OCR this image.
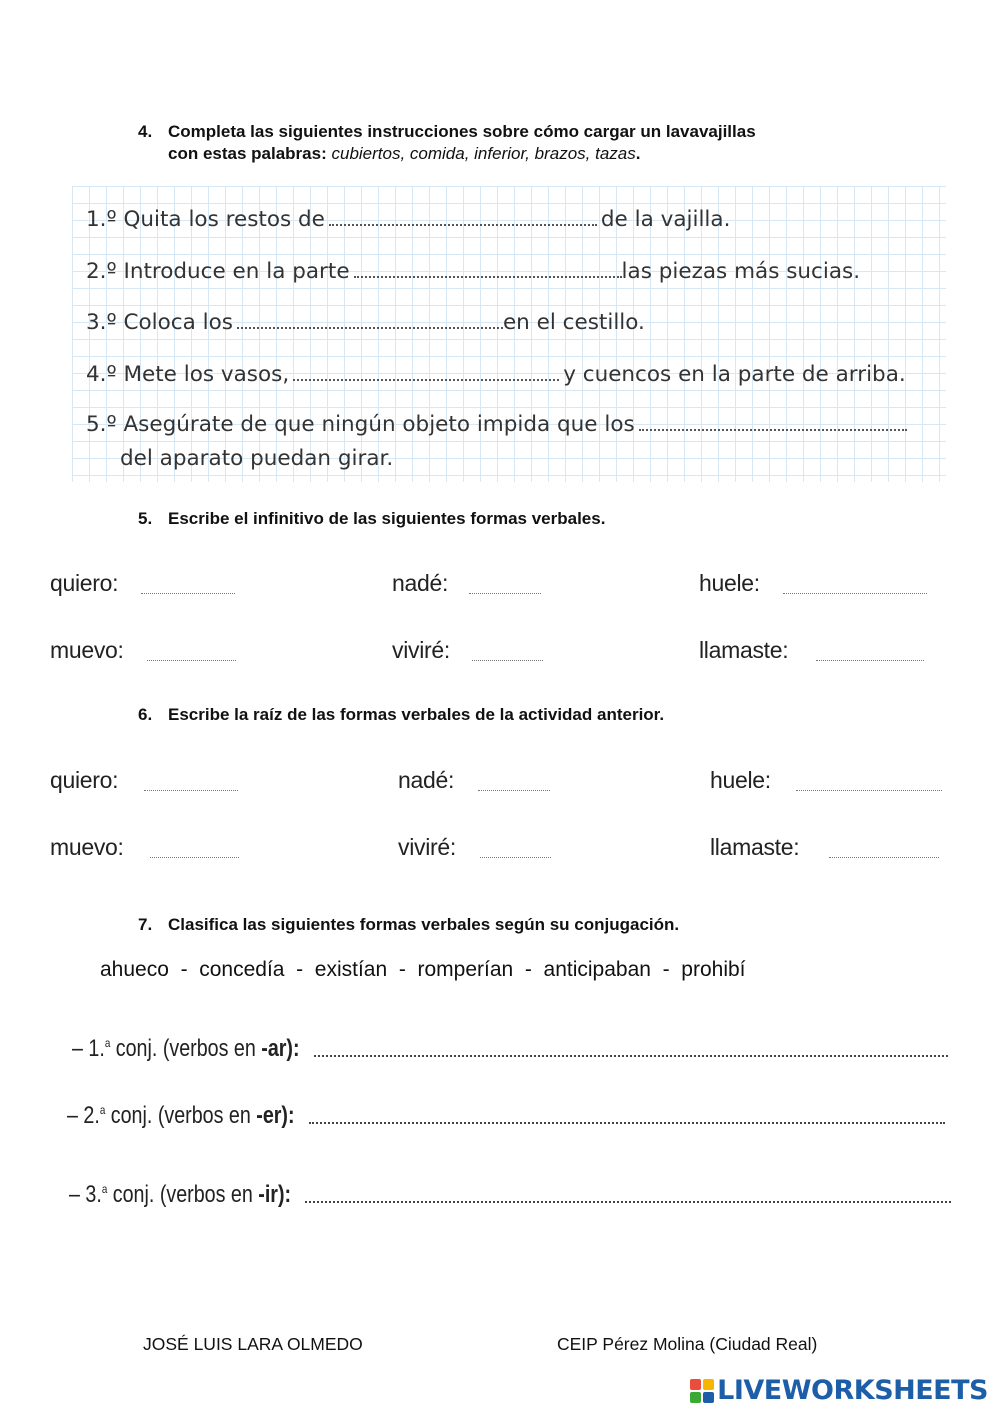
4. Completa las siguientes instrucciones sobre cómo cargar un lavavajillas
con estas palabras: cubiertos, comida, inferior, brazos, tazas.
1.º Quita los restos de	de la vajilla.
2.º Introduce en la parte	las piezas más sucias.
3.º Coloca los	en el cestillo.
4.º Mete los vasos,	y cuencos en la parte de arriba.
5.º Asegúrate de que ningún objeto impida que los
del aparato puedan girar.
5. Escribe el infinitivo de las siguientes formas verbales.
quiero:	nadé:	huele:
muevo:	viviré:	llamaste:
6. Escribe la raíz de las formas verbales de la actividad anterior.
quiero:	nadé:	huele:
muevo:	viviré:	llamaste:
7. Clasifica las siguientes formas verbales según su conjugación.
ahueco  -  concedía  -  existían  -  romperían  -  anticipaban  -  prohibí
– 1.$^a$ conj. (verbos en -ar):
– 2.$^a$ conj. (verbos en -er):
– 3.$^a$ conj. (verbos en -ir):
JOSÉ LUIS LARA OLMEDO	CEIP Pérez Molina (Ciudad Real)
LIVEWORKSHEETS
